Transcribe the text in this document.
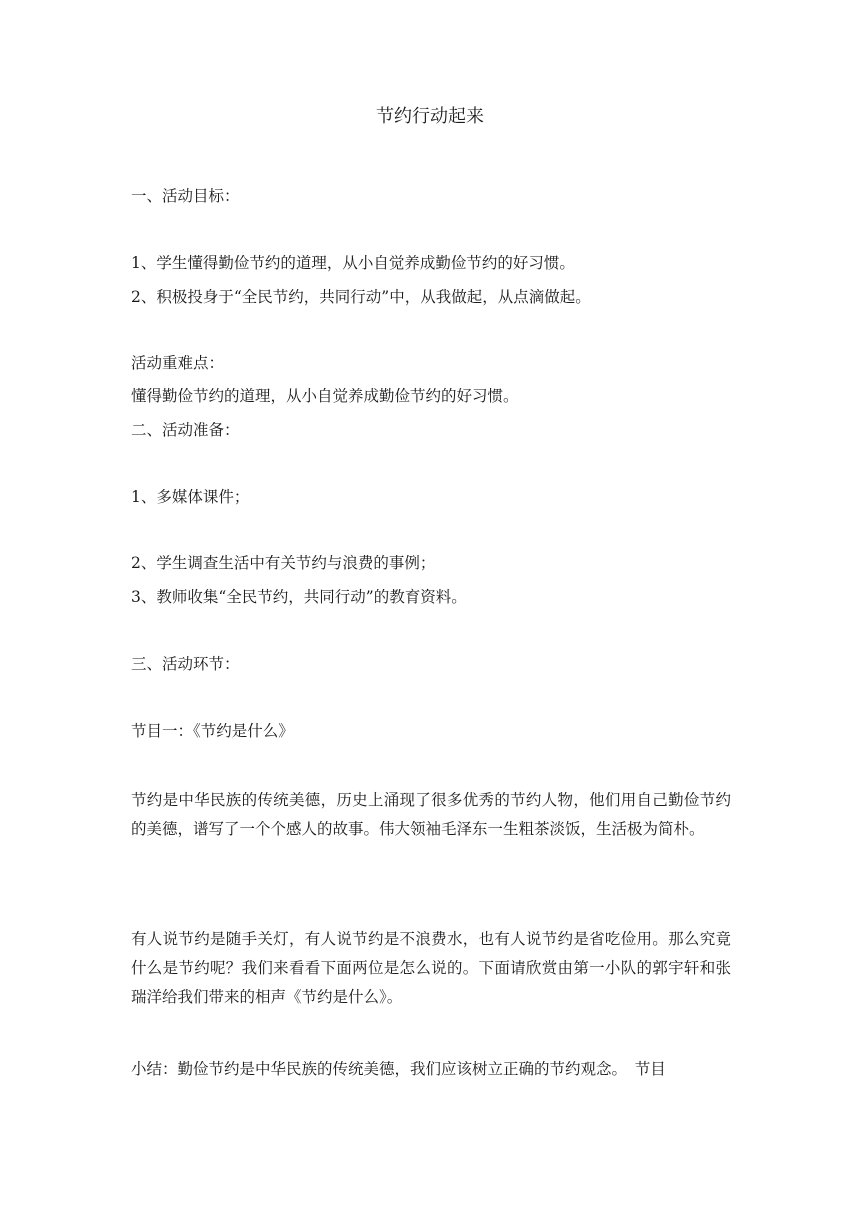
节约行动起来
一、活动目标：
1、学生懂得勤俭节约的道理，从小自觉养成勤俭节约的好习惯。
2、积极投身于“全民节约，共同行动”中，从我做起，从点滴做起。
活动重难点：
懂得勤俭节约的道理，从小自觉养成勤俭节约的好习惯。
二、活动准备：
1、多媒体课件；
2、学生调查生活中有关节约与浪费的事例；
3、教师收集“全民节约，共同行动”的教育资料。
三、活动环节：
节目一：《节约是什么》
节约是中华民族的传统美德，历史上涌现了很多优秀的节约人物，他们用自己勤俭节约的美德，谱写了一个个感人的故事。伟大领袖毛泽东一生粗茶淡饭，生活极为简朴。
有人说节约是随手关灯，有人说节约是不浪费水，也有人说节约是省吃俭用。那么究竟什么是节约呢？我们来看看下面两位是怎么说的。下面请欣赏由第一小队的郭宇轩和张瑞洋给我们带来的相声《节约是什么》。
小结：勤俭节约是中华民族的传统美德，我们应该树立正确的节约观念。　节目
